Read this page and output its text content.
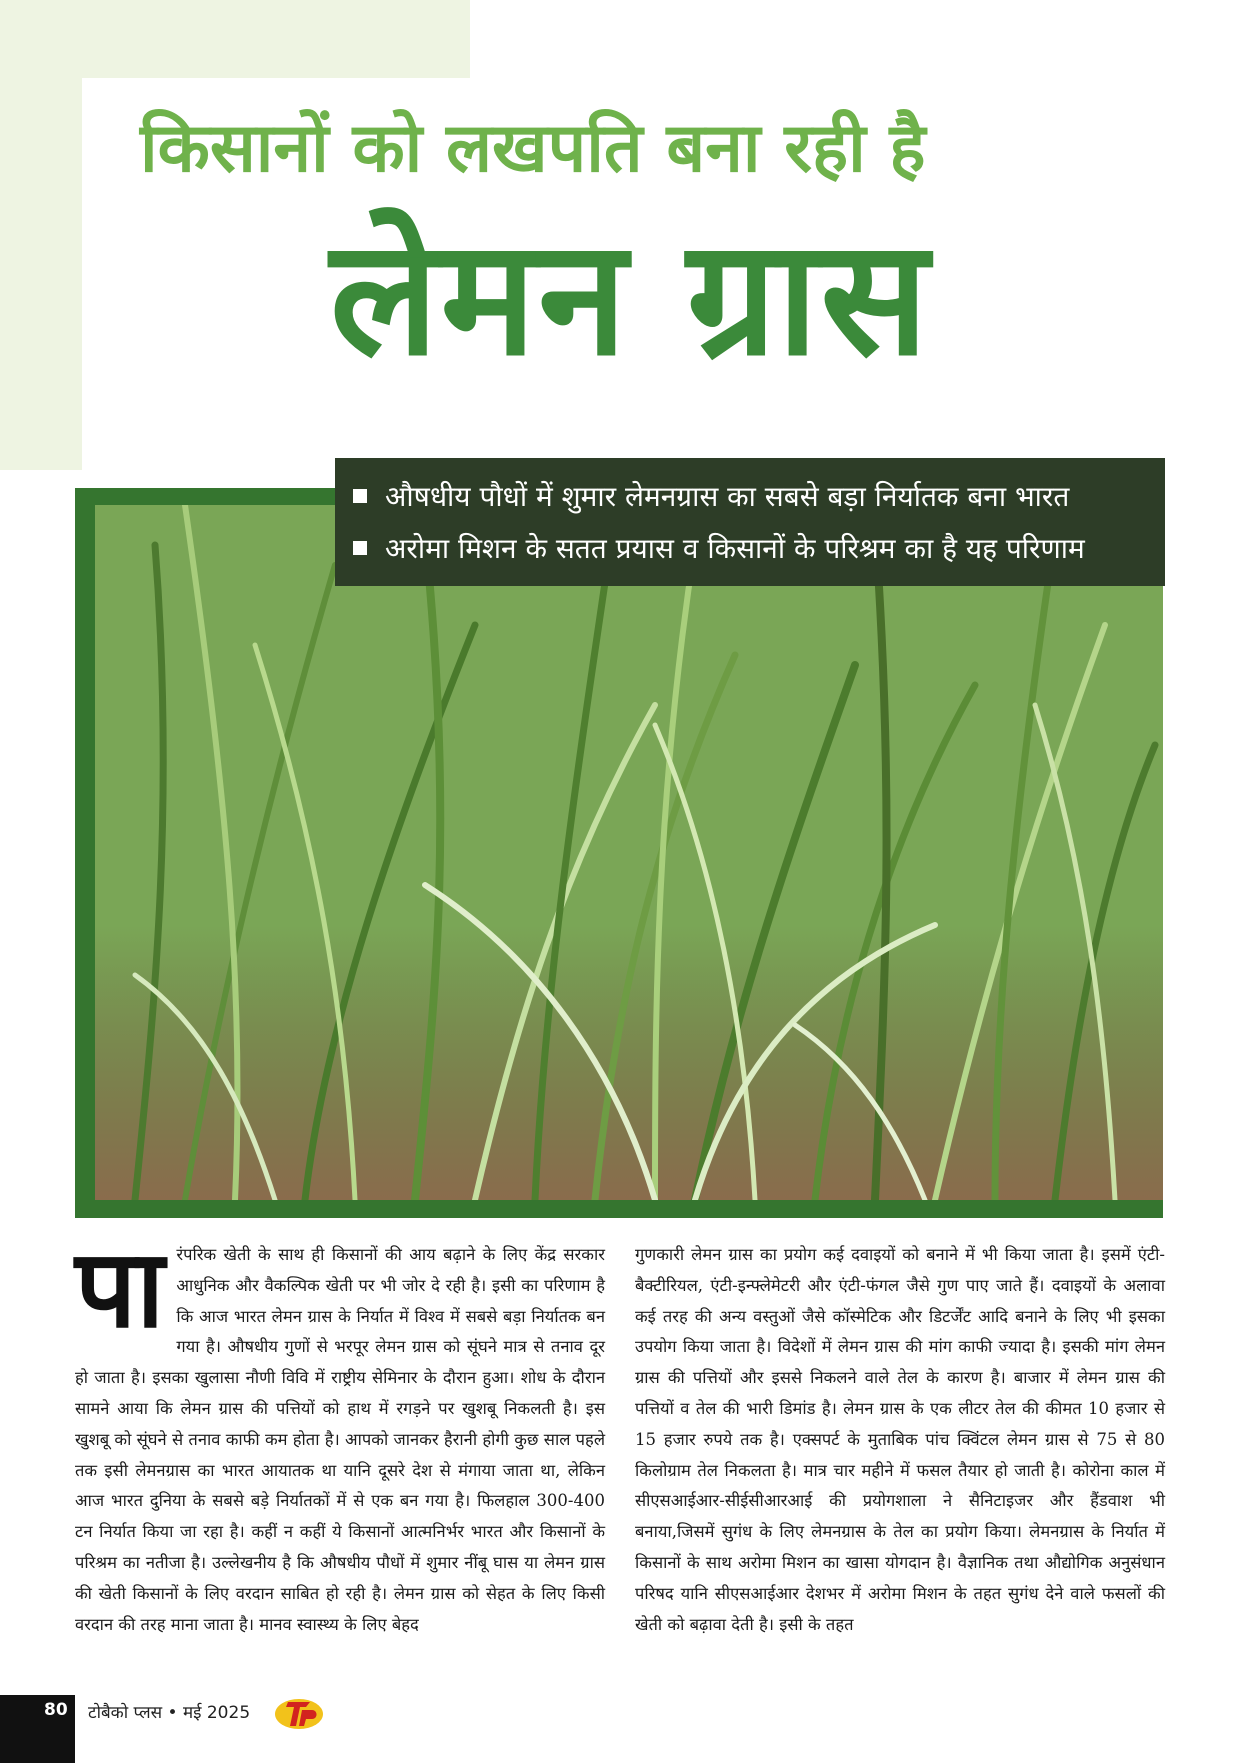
किसानों को लखपति बना रही है
लेमन ग्रास
औषधीय पौधों में शुमार लेमनग्रास का सबसे बड़ा निर्यातक बना भारत
अरोमा मिशन के सतत प्रयास व किसानों के परिश्रम का है यह परिणाम
पा रंपरिक खेती के साथ ही किसानों की आय बढ़ाने के लिए केंद्र सरकार आधुनिक और वैकल्पिक खेती पर भी जोर दे रही है। इसी का परिणाम है कि आज भारत लेमन ग्रास के निर्यात में विश्व में सबसे बड़ा निर्यातक बन गया है। औषधीय गुणों से भरपूर लेमन ग्रास को सूंघने मात्र से तनाव दूर हो जाता है। इसका खुलासा नौणी विवि में राष्ट्रीय सेमिनार के दौरान हुआ। शोध के दौरान सामने आया कि लेमन ग्रास की पत्तियों को हाथ में रगड़ने पर खुशबू निकलती है। इस खुशबू को सूंघने से तनाव काफी कम होता है। आपको जानकर हैरानी होगी कुछ साल पहले तक इसी लेमनग्रास का भारत आयातक था यानि दूसरे देश से मंगाया जाता था, लेकिन आज भारत दुनिया के सबसे बड़े निर्यातकों में से एक बन गया है। फिलहाल 300-400 टन निर्यात किया जा रहा है। कहीं न कहीं ये किसानों आत्मनिर्भर भारत और किसानों के परिश्रम का नतीजा है। उल्लेखनीय है कि औषधीय पौधों में शुमार नींबू घास या लेमन ग्रास की खेती किसानों के लिए वरदान साबित हो रही है। लेमन ग्रास को सेहत के लिए किसी वरदान की तरह माना जाता है। मानव स्वास्थ्य के लिए बेहद

गुणकारी लेमन ग्रास का प्रयोग कई दवाइयों को बनाने में भी किया जाता है। इसमें एंटी-बैक्टीरियल, एंटी-इन्फ्लेमेटरी और एंटी-फंगल जैसे गुण पाए जाते हैं। दवाइयों के अलावा कई तरह की अन्य वस्तुओं जैसे कॉस्मेटिक और डिटर्जेंट आदि बनाने के लिए भी इसका उपयोग किया जाता है। विदेशों में लेमन ग्रास की मांग काफी ज्यादा है। इसकी मांग लेमन ग्रास की पत्तियों और इससे निकलने वाले तेल के कारण है। बाजार में लेमन ग्रास की पत्तियों व तेल की भारी डिमांड है। लेमन ग्रास के एक लीटर तेल की कीमत 10 हजार से 15 हजार रुपये तक है। एक्सपर्ट के मुताबिक पांच क्विंटल लेमन ग्रास से 75 से 80 किलोग्राम तेल निकलता है। मात्र चार महीने में फसल तैयार हो जाती है। कोरोना काल में सीएसआईआर-सीईसीआरआई की प्रयोगशाला ने सैनिटाइजर और हैंडवाश भी बनाया,जिसमें सुगंध के लिए लेमनग्रास के तेल का प्रयोग किया। लेमनग्रास के निर्यात में किसानों के साथ अरोमा मिशन का खासा योगदान है। वैज्ञानिक तथा औद्योगिक अनुसंधान परिषद यानि सीएसआईआर देशभर में अरोमा मिशन के तहत सुगंध देने वाले फसलों की खेती को बढ़ावा देती है। इसी के तहत

80 टोबैको प्लस • मई 2025
